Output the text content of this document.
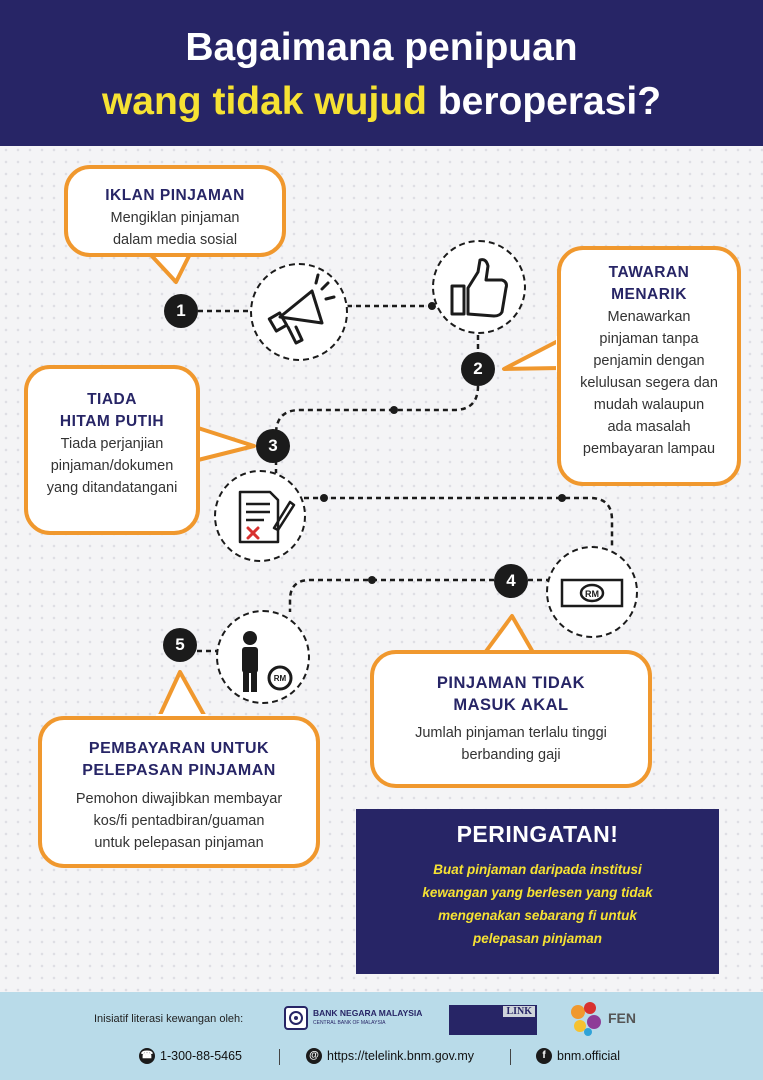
Bagaimana penipuan
wang tidak wujud beroperasi?
IKLAN PINJAMAN
Mengiklan pinjaman
dalam media sosial
1
2
TAWARAN
MENARIK
Menawarkan
pinjaman tanpa
penjamin dengan
kelulusan segera dan
mudah walaupun
ada masalah
pembayaran lampau
TIADA
HITAM PUTIH
Tiada perjanjian
pinjaman/dokumen
yang ditandatangani
3
RM
4
PINJAMAN TIDAK
MASUK AKAL
Jumlah pinjaman terlalu tinggi
berbanding gaji
5
RM
PEMBAYARAN UNTUK
PELEPASAN PINJAMAN
Pemohon diwajibkan membayar
kos/fi pentadbiran/guaman
untuk pelepasan pinjaman	PERINGATAN!
Buat pinjaman daripada institusi
kewangan yang berlesen yang tidak
mengenakan sebarang fi untuk
pelepasan pinjaman
Inisiatif literasi kewangan oleh:	BANK NEGARA MALAYSIA
CENTRAL BANK OF MALAYSIA
LINK	FEN
☎ 1-300-88-5465	@ https://telelink.bnm.gov.my	f bnm.official
